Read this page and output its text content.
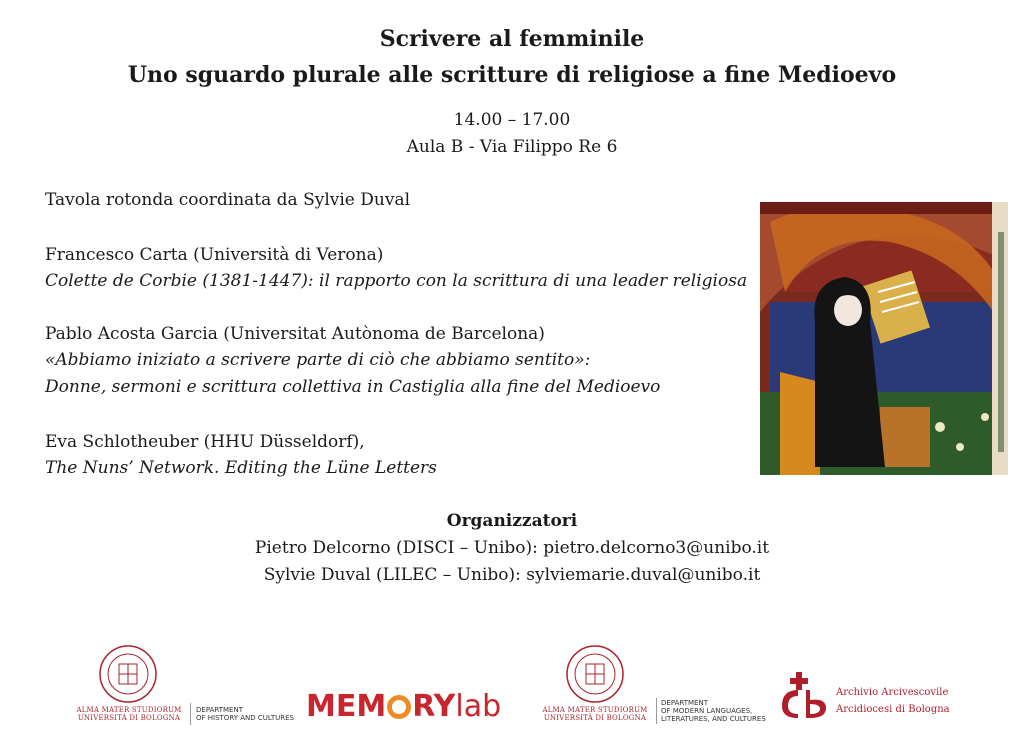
Scrivere al femminile
Uno sguardo plurale alle scritture di religiose a fine Medioevo
14.00 – 17.00
Aula B - Via Filippo Re 6
Tavola rotonda coordinata da Sylvie Duval
Francesco Carta (Università di Verona)
Colette de Corbie (1381-1447): il rapporto con la scrittura di una leader religiosa
Pablo Acosta Garcia (Universitat Autònoma de Barcelona)
«Abbiamo iniziato a scrivere parte di ciò che abbiamo sentito»:
Donne, sermoni e scrittura collettiva in Castiglia alla fine del Medioevo
Eva Schlotheuber (HHU Düsseldorf),
The Nuns’ Network. Editing the Lüne Letters
Organizzatori
Pietro Delcorno (DISCI – Unibo): pietro.delcorno3@unibo.it
Sylvie Duval (LILEC – Unibo): sylviemarie.duval@unibo.it
ALMA MATER STUDIORUM
UNIVERSITÀ DI BOLOGNA
DEPARTMENT
OF HISTORY AND CULTURES MEM RYlab	ALMA MATER STUDIORUM
UNIVERSITÀ DI BOLOGNA
DEPARTMENT
OF MODERN LANGUAGES,
LITERATURES, AND CULTURES
Archivio Arcivescovile
Arcidiocesi di Bologna
